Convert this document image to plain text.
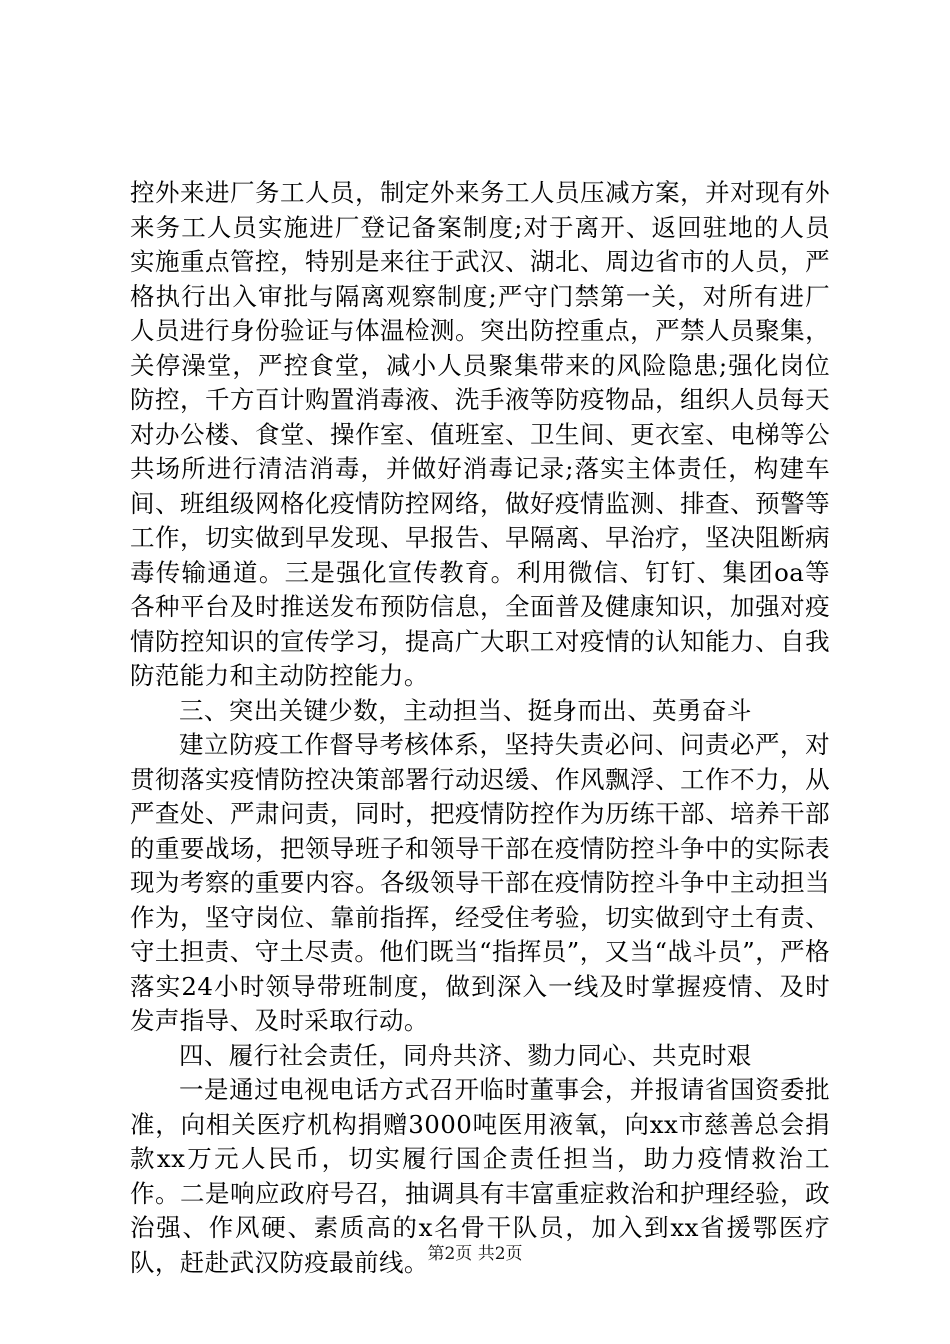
控外来进厂务工人员，制定外来务工人员压减方案，并对现有外来务工人员实施进厂登记备案制度;对于离开、返回驻地的人员实施重点管控，特别是来往于武汉、湖北、周边省市的人员，严格执行出入审批与隔离观察制度;严守门禁第一关，对所有进厂人员进行身份验证与体温检测。突出防控重点，严禁人员聚集，关停澡堂，严控食堂，减小人员聚集带来的风险隐患;强化岗位防控，千方百计购置消毒液、洗手液等防疫物品，组织人员每天对办公楼、食堂、操作室、值班室、卫生间、更衣室、电梯等公共场所进行清洁消毒，并做好消毒记录;落实主体责任，构建车间、班组级网格化疫情防控网络，做好疫情监测、排查、预警等工作，切实做到早发现、早报告、早隔离、早治疗，坚决阻断病毒传输通道。三是强化宣传教育。利用微信、钉钉、集团oa等各种平台及时推送发布预防信息，全面普及健康知识，加强对疫情防控知识的宣传学习，提高广大职工对疫情的认知能力、自我防范能力和主动防控能力。

三、突出关键少数，主动担当、挺身而出、英勇奋斗

建立防疫工作督导考核体系，坚持失责必问、问责必严，对贯彻落实疫情防控决策部署行动迟缓、作风飘浮、工作不力，从严查处、严肃问责，同时，把疫情防控作为历练干部、培养干部的重要战场，把领导班子和领导干部在疫情防控斗争中的实际表现为考察的重要内容。各级领导干部在疫情防控斗争中主动担当作为，坚守岗位、靠前指挥，经受住考验，切实做到守土有责、守土担责、守土尽责。他们既当“指挥员”，又当“战斗员”，严格落实24小时领导带班制度，做到深入一线及时掌握疫情、及时发声指导、及时采取行动。

四、履行社会责任，同舟共济、勠力同心、共克时艰

一是通过电视电话方式召开临时董事会，并报请省国资委批准，向相关医疗机构捐赠3000吨医用液氧，向xx市慈善总会捐款xx万元人民币，切实履行国企责任担当，助力疫情救治工作。二是响应政府号召，抽调具有丰富重症救治和护理经验，政治强、作风硬、素质高的x名骨干队员，加入到xx省援鄂医疗队，赶赴武汉防疫最前线。

第2页 共2页
